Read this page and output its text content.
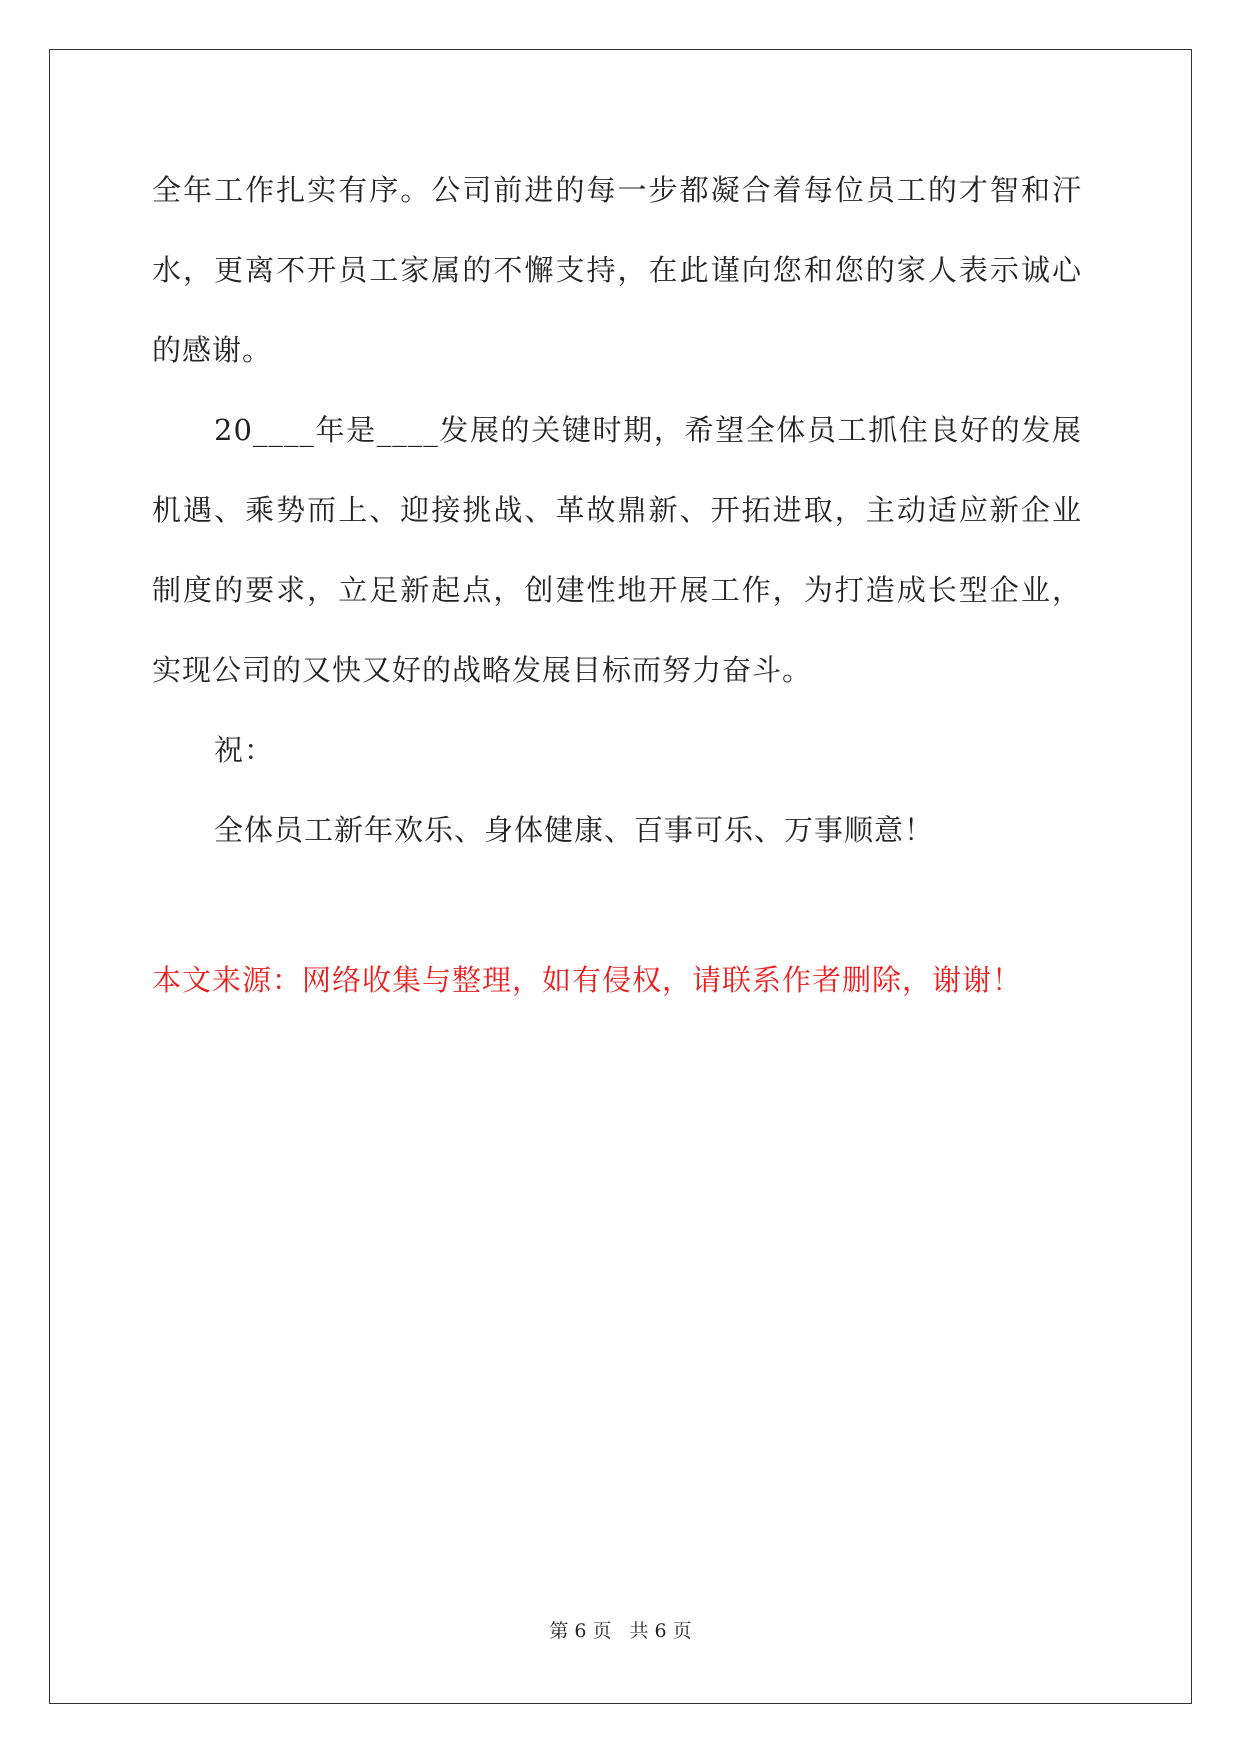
全年工作扎实有序。公司前进的每一步都凝合着每位员工的才智和汗
水，更离不开员工家属的不懈支持，在此谨向您和您的家人表示诚心
的感谢。
20____年是____发展的关键时期，希望全体员工抓住良好的发展
机遇、乘势而上、迎接挑战、革故鼎新、开拓进取，主动适应新企业
制度的要求，立足新起点，创建性地开展工作，为打造成长型企业，
实现公司的又快又好的战略发展目标而努力奋斗。
祝：
全体员工新年欢乐、身体健康、百事可乐、万事顺意！
本文来源：网络收集与整理，如有侵权，请联系作者删除，谢谢！
第 6 页 共 6 页
